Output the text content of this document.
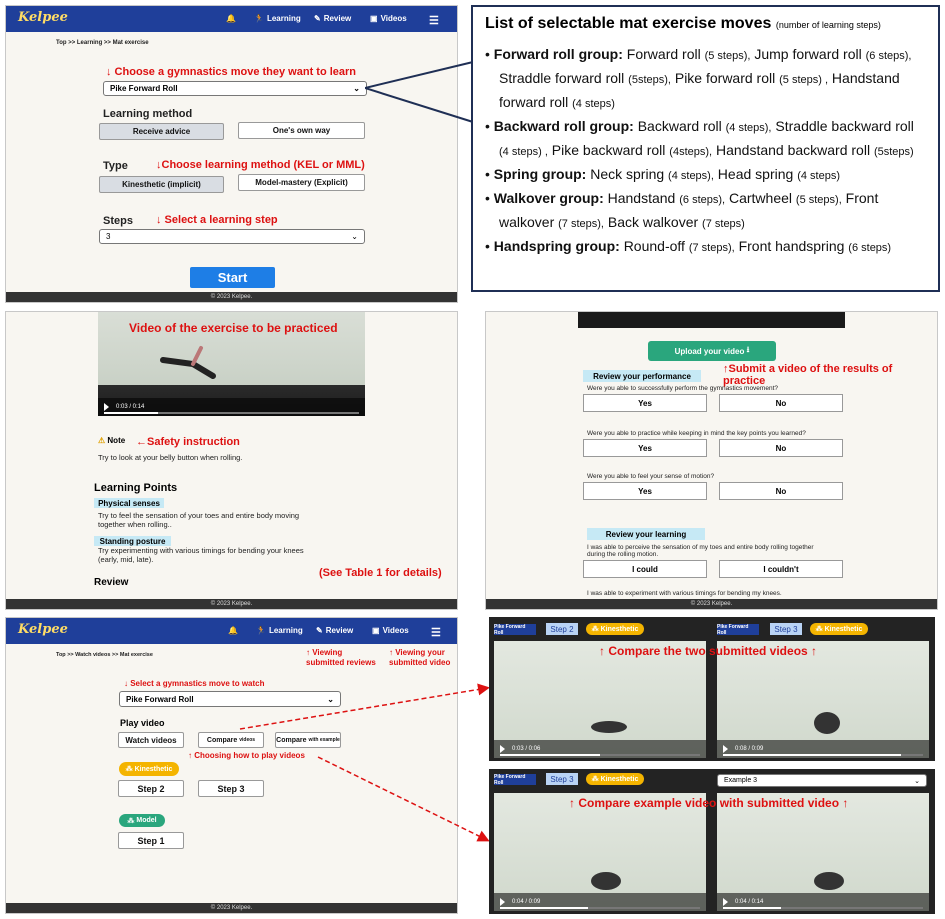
Kelpee	🔔 🏃 Learning ✎ Review ▣ Videos ☰
Top >> Learning >> Mat exercise
↓ Choose a gymnastics move they want to learn
Pike Forward Roll	⌄
Learning method
Receive advice	One's own way
Type	↓Choose learning method (KEL or MML)
Kinesthetic (implicit)	Model-mastery (Explicit)
Steps ↓ Select a learning step
3	⌄
Start
© 2023 Kelpee.
List of selectable mat exercise moves (number of learning steps)

• Forward roll group: Forward roll (5 steps), Jump forward roll (6 steps), Straddle forward roll (5steps), Pike forward roll (5 steps) , Handstand forward roll (4 steps)

• Backward roll group: Backward roll (4 steps), Straddle backward roll (4 steps) , Pike backward roll (4steps), Handstand backward roll (5steps)

• Spring group: Neck spring (4 steps), Head spring (4 steps)

• Walkover group: Handstand (6 steps), Cartwheel (5 steps), Front walkover (7 steps), Back walkover (7 steps)

• Handspring group: Round-off (7 steps), Front handspring (6 steps)

0:03 / 0:14
Video of the exercise to be practiced
⚠ Note ←Safety instruction
Try to look at your belly button when rolling.
Learning Points
Physical senses
Try to feel the sensation of your toes and entire body moving
together when rolling..
Standing posture
Try experimenting with various timings for bending your knees
(early, mid, late).
(See Table 1 for details)
Review
© 2023 Kelpee.
Upload your video
⭳
↑Submit a video of the results of practice
Review your performance
Were you able to successfully perform the gymnastics movement?
Yes	No
Were you able to practice while keeping in mind the key points you learned?
Yes	No
Were you able to feel your sense of motion?
Yes	No
Review your learning
I was able to perceive the sensation of my toes and entire body rolling together
during the rolling motion.
I could	I couldn't
I was able to experiment with various timings for bending my knees.
© 2023 Kelpee.
Kelpee	🔔 🏃 Learning ✎ Review ▣ Videos ☰
Top >> Watch videos >> Mat exercise	↑ Viewing
submitted reviews
↑ Viewing your
submitted video
↓ Select a gymnastics move to watch
Pike Forward Roll	⌄
Play video
Watch videos	Compare
videos	Compare
with example
↑ Choosing how to play videos
⁂
Kinesthetic
Step 2	Step 3
⁂
Model
Step 1
© 2023 Kelpee.
Pike Forward Roll	Step 2	⁂
Kinesthetic	Pike Forward Roll	Step 3	⁂
Kinesthetic
0:03 / 0:06	0:08 / 0:09
↑ Compare the two submitted videos ↑
Pike Forward Roll	Step 3	⁂
Kinesthetic	Example 3	⌄
0:04 / 0:09	0:04 / 0:14
↑ Compare example video with submitted video ↑
